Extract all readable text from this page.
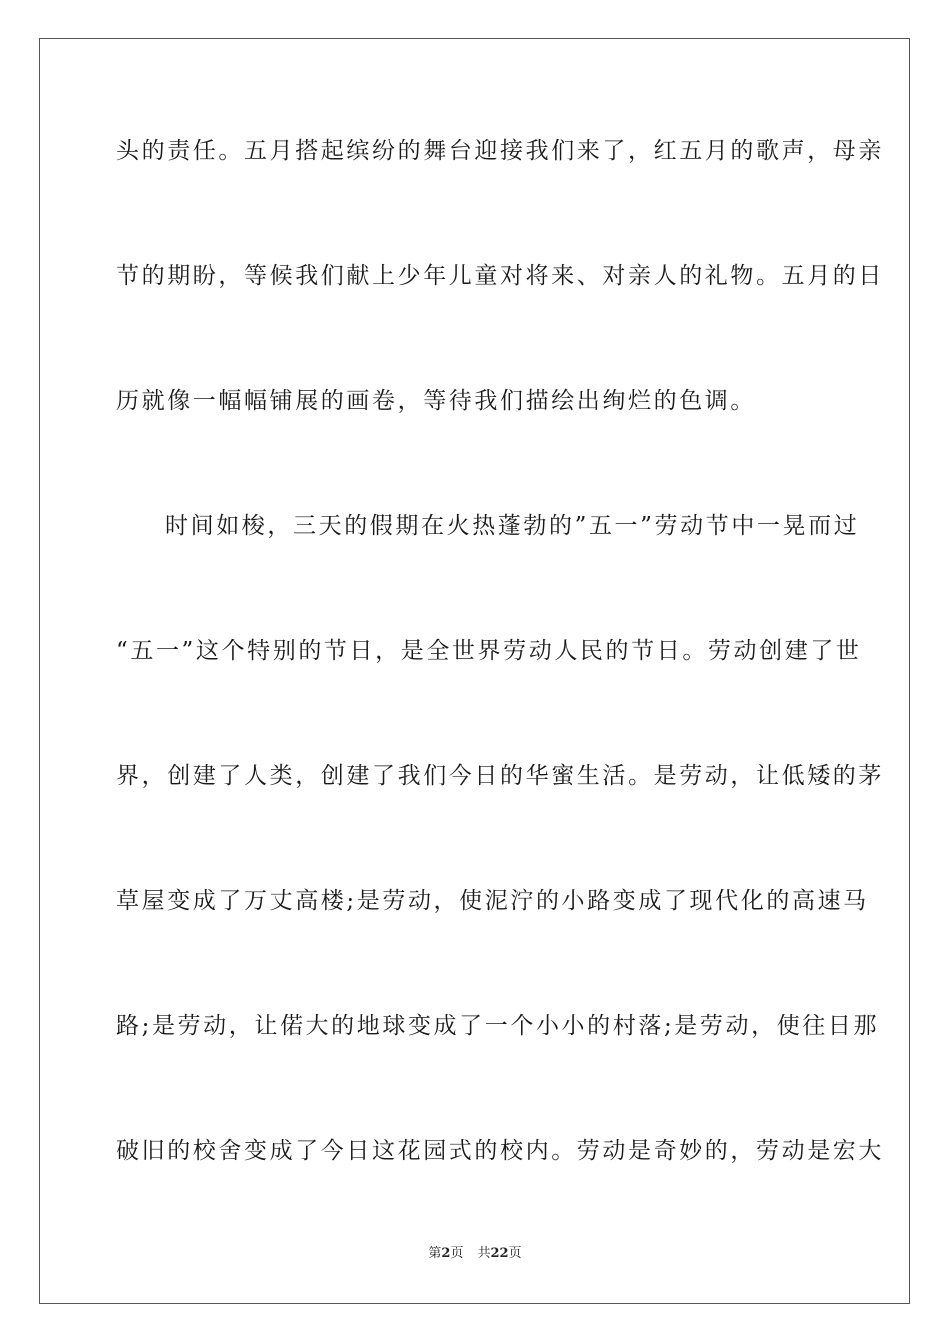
头的责任。五月搭起缤纷的舞台迎接我们来了，红五月的歌声，母亲
节的期盼，等候我们献上少年儿童对将来、对亲人的礼物。五月的日
历就像一幅幅铺展的画卷，等待我们描绘出绚烂的色调。
时间如梭，三天的假期在火热蓬勃的”五一”劳动节中一晃而过
“五一”这个特别的节日，是全世界劳动人民的节日。劳动创建了世
界，创建了人类，创建了我们今日的华蜜生活。是劳动，让低矮的茅
草屋变成了万丈高楼;是劳动，使泥泞的小路变成了现代化的高速马
路;是劳动，让偌大的地球变成了一个小小的村落;是劳动，使往日那
破旧的校舍变成了今日这花园式的校内。劳动是奇妙的，劳动是宏大
第2页 共22页
